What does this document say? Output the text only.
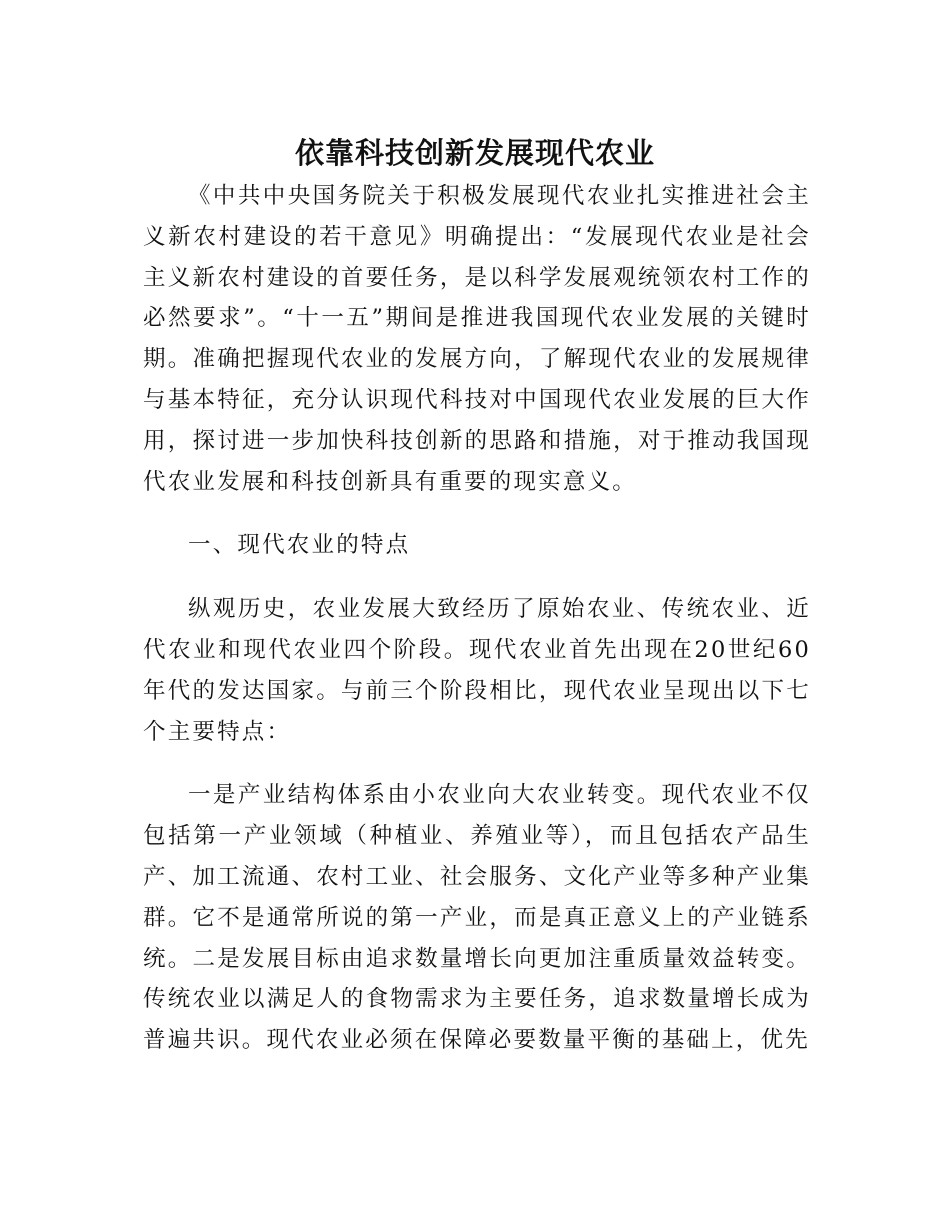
依靠科技创新发展现代农业

《中共中央国务院关于积极发展现代农业扎实推进社会主义新农村建设的若干意见》明确提出：“发展现代农业是社会主义新农村建设的首要任务，是以科学发展观统领农村工作的必然要求”。“十一五”期间是推进我国现代农业发展的关键时期。准确把握现代农业的发展方向，了解现代农业的发展规律与基本特征，充分认识现代科技对中国现代农业发展的巨大作用，探讨进一步加快科技创新的思路和措施，对于推动我国现代农业发展和科技创新具有重要的现实意义。

一、现代农业的特点

纵观历史，农业发展大致经历了原始农业、传统农业、近代农业和现代农业四个阶段。现代农业首先出现在20世纪60年代的发达国家。与前三个阶段相比，现代农业呈现出以下七个主要特点：

一是产业结构体系由小农业向大农业转变。现代农业不仅包括第一产业领域（种植业、养殖业等），而且包括农产品生产、加工流通、农村工业、社会服务、文化产业等多种产业集群。它不是通常所说的第一产业，而是真正意义上的产业链系统。二是发展目标由追求数量增长向更加注重质量效益转变。传统农业以满足人的食物需求为主要任务，追求数量增长成为普遍共识。现代农业必须在保障必要数量平衡的基础上，优先
